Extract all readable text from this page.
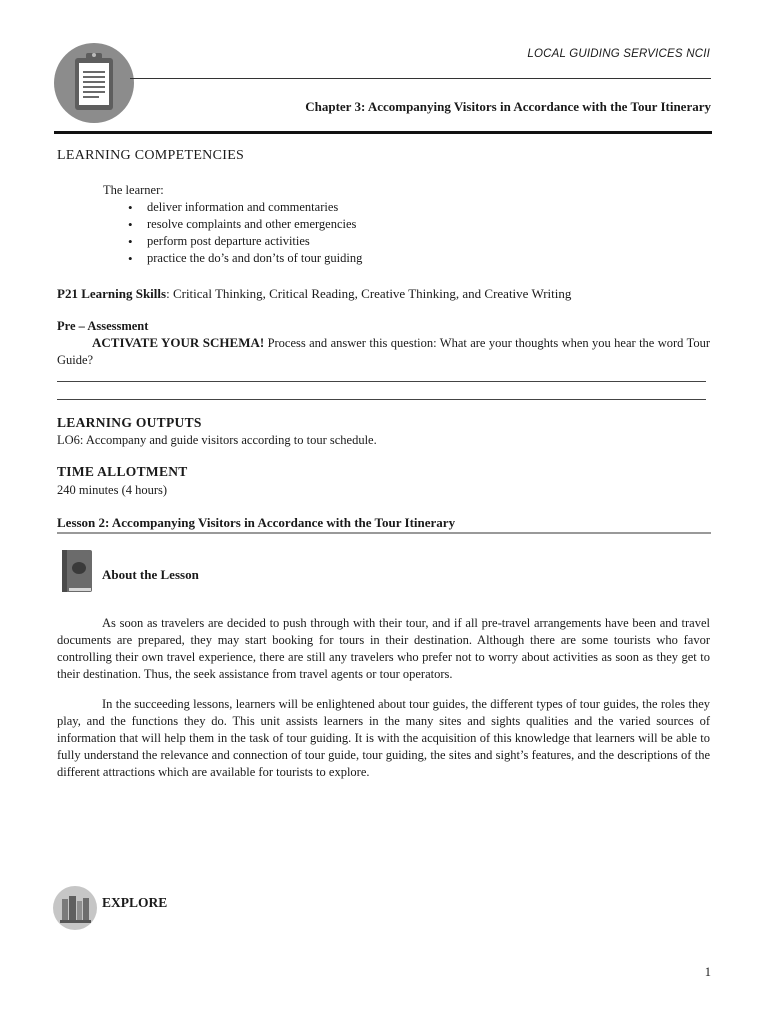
LOCAL GUIDING SERVICES NCII
Chapter 3: Accompanying Visitors in Accordance with the Tour Itinerary
LEARNING COMPETENCIES
The learner:
• deliver information and commentaries
• resolve complaints and other emergencies
• perform post departure activities
• practice the do’s and don’ts of tour guiding
P21 Learning Skills: Critical Thinking, Critical Reading, Creative Thinking, and Creative Writing
Pre – Assessment
ACTIVATE YOUR SCHEMA! Process and answer this question: What are your thoughts when you hear the word Tour Guide?
LEARNING OUTPUTS
LO6: Accompany and guide visitors according to tour schedule.
TIME ALLOTMENT
240 minutes (4 hours)
Lesson 2: Accompanying Visitors in Accordance with the Tour Itinerary
About the Lesson
As soon as travelers are decided to push through with their tour, and if all pre-travel arrangements have been and travel documents are prepared, they may start booking for tours in their destination. Although there are some tourists who favor controlling their own travel experience, there are still any travelers who prefer not to worry about activities as soon as they get to their destination. Thus, the seek assistance from travel agents or tour operators.
In the succeeding lessons, learners will be enlightened about tour guides, the different types of tour guides, the roles they play, and the functions they do. This unit assists learners in the many sites and sights qualities and the varied sources of information that will help them in the task of tour guiding. It is with the acquisition of this knowledge that learners will be able to fully understand the relevance and connection of tour guide, tour guiding, the sites and sight’s features, and the descriptions of the different attractions which are available for tourists to explore.
EXPLORE
1
